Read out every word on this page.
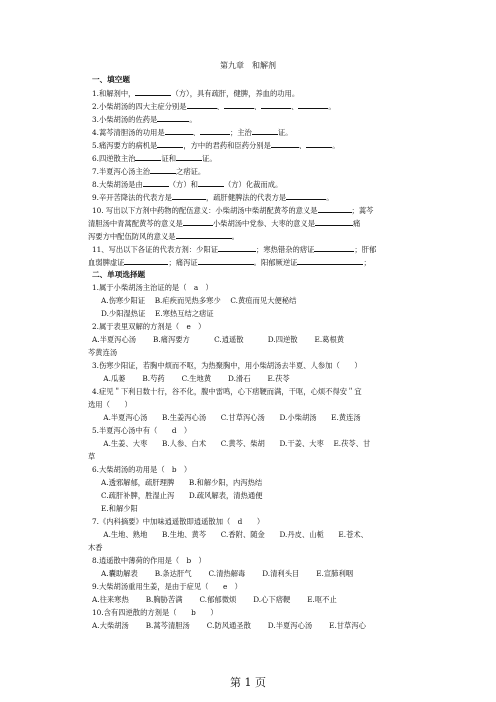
第九章　和解剂
一、填空题
1.和解剂中，	（方），具有疏肝，健脾，养血的功用。
2.小柴胡汤的四大主症分别是	、	、	、	。
3.小柴胡汤的佐药是	。
4.蒿芩清胆汤的功用是	、	；主治	证。
5.痛泻要方的病机是	，方中的君药和臣药分别是	、	。
6.四逆散主治	证和	证。
7.半夏泻心汤主治	之痞证。
8.大柴胡汤是由	（方）和	（方）化裁而成。
9.辛开苦降法的代表方是	，疏肝健脾法的代表方是	。
10. 写出以下方剂中药物的配伍意义：小柴胡汤中柴胡配黄芩的意义是	；蒿芩
清胆汤中青蒿配黄芩的意义是	小柴胡汤中党参、大枣的意义是	痛
泻要方中配伍防风的意义是	。
11、写出以下各证的代表方剂：少阳证	；寒热错杂的痞证	；肝郁
血弱脾虚证	；痛泻证	。阳郁厥逆证	；
二、单项选择题
1.属于小柴胡汤主治证的是（　a　）
A.伤寒少阳证　 B.疟疾而见热多寒少　 C.黄疸而见大便秘结
D.少阳湿热证　 E.寒热互结之痞证
2.属于表里双解的方剂是（　e　）
A.半夏泻心汤　　 B.痛泻要方　　　 C.逍遥散　　　 D.四逆散　　 E.葛根黄
芩黄连汤
3.伤寒少阳证，若胸中烦而不呕，为热聚胸中，用小柴胡汤去半夏、人参加（　　）
　A.瓜蒌　　 B.芍药　　 C.生地黄　　 D.滑石　　 E.茯苓
4.症见＂下利日数十行，谷不化，腹中雷鸣，心下痞鞕而满，干呕，心烦不得安＂宜
选用（　　）
　A.半夏泻心汤　　B.生姜泻心汤　　C.甘草泻心汤　　D.小柴胡汤　　E.黄连汤
5.半夏泻心汤中有（　　d　）
　A.生姜、大枣　　B.人参、白术　　C.黄芩、柴胡　　D.干姜、大枣　 E.茯苓、甘
草
6.大柴胡汤的功用是（　b　）
A.透邪解郁，疏肝理脾　　B.和解少阳，内泻热结
C.疏肝补脾，胜湿止泻　　D.疏风解表，清热通便
E.和解少阳
7.《内科摘要》中加味逍遥散即逍遥散加（　d　　）
　A.生地、熟地　　B.生地、黄芩　　C.香附、随金　　D.丹皮、山栀　　E.苍术、
木香
8.逍遥散中薄荷的作用是（　b　）
A.囊助解表　　 B.条达肝气　　 C.清热解毒　　 D.清利头目　　 E.宣肺利咽
9.大柴胡汤重用生姜，是由于症见（　　e　）
A.往来寒热　　 B.胸胁苦满　　 C.郁郁微烦　　 D.心下痞鞕　　 E.呕不止
10.含有四逆散的方剂是（　　b　　）
A.大柴胡汤　　 B.蒿芩清胆汤　　 C.防风通圣散　　 D.半夏泻心汤　　 E.甘草泻心
第 1 页
